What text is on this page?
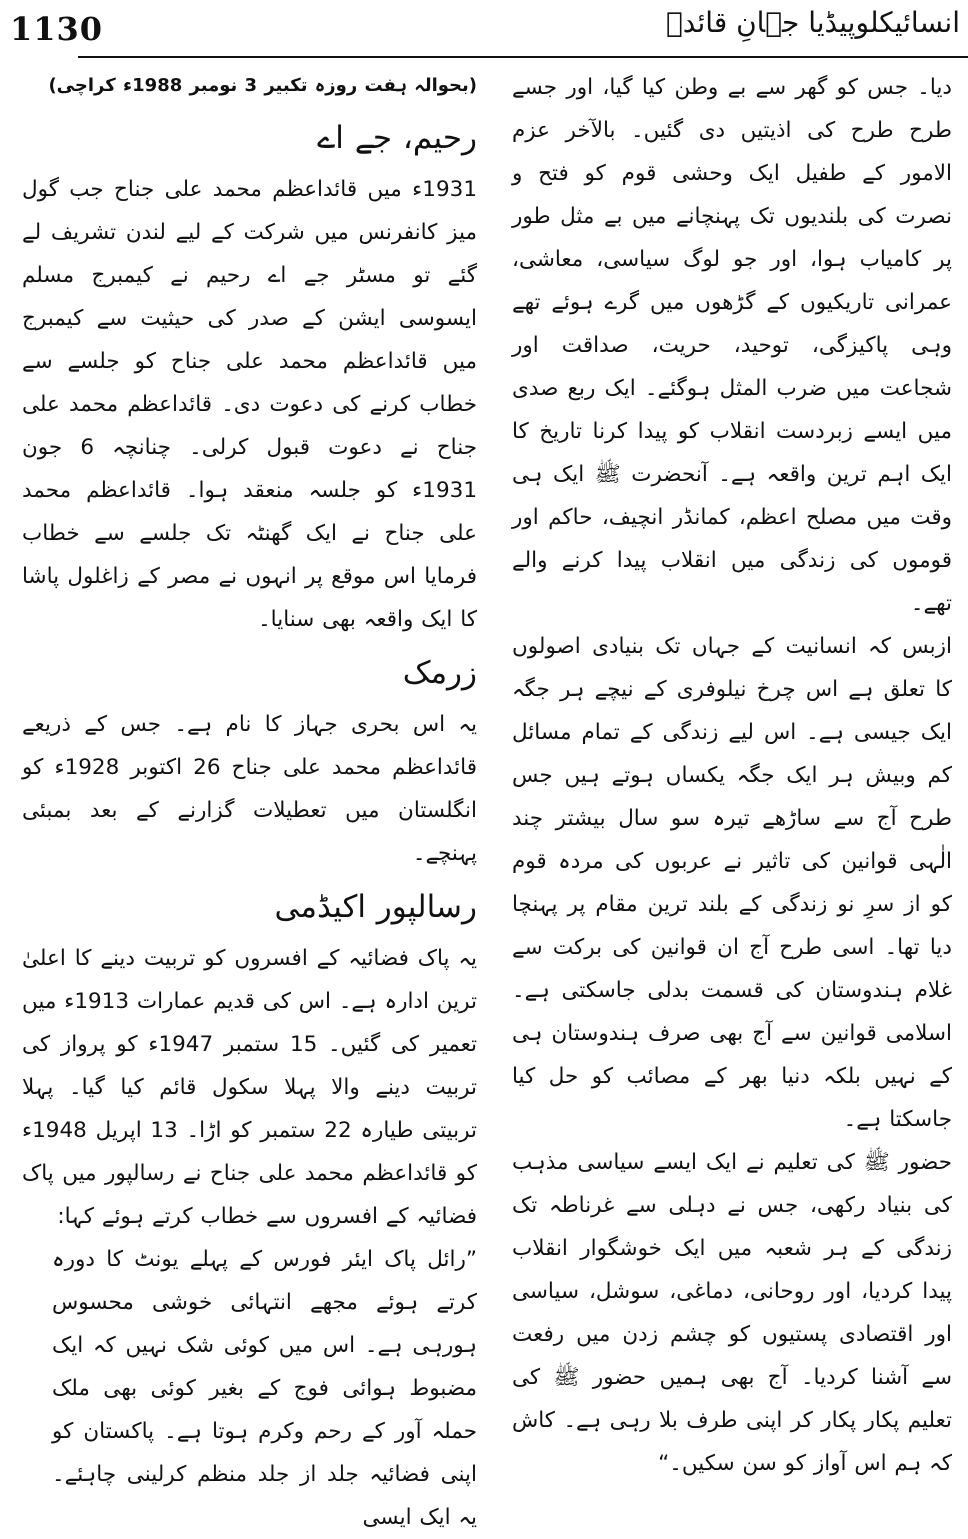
1130	انسائیکلوپیڈیا جہانِ قائدؒ

دیا۔ جس کو گھر سے بے وطن کیا گیا، اور جسے طرح طرح کی اذیتیں دی گئیں۔ بالآخر عزم الامور کے طفیل ایک وحشی قوم کو فتح و نصرت کی بلندیوں تک پہنچانے میں بے مثل طور پر کامیاب ہوا، اور جو لوگ سیاسی، معاشی، عمرانی تاریکیوں کے گڑھوں میں گرے ہوئے تھے وہی پاکیزگی، توحید، حریت، صداقت اور شجاعت میں ضرب المثل ہوگئے۔ ایک ربع صدی میں ایسے زبردست انقلاب کو پیدا کرنا تاریخ کا ایک اہم ترین واقعہ ہے۔ آنحضرت ﷺ ایک ہی وقت میں مصلح اعظم، کمانڈر انچیف، حاکم اور قوموں کی زندگی میں انقلاب پیدا کرنے والے تھے۔

ازبس کہ انسانیت کے جہاں تک بنیادی اصولوں کا تعلق ہے اس چرخ نیلوفری کے نیچے ہر جگہ ایک جیسی ہے۔ اس لیے زندگی کے تمام مسائل کم وبیش ہر ایک جگہ یکساں ہوتے ہیں جس طرح آج سے ساڑھے تیرہ سو سال بیشتر چند الٰہی قوانین کی تاثیر نے عربوں کی مردہ قوم کو از سرِ نو زندگی کے بلند ترین مقام پر پہنچا دیا تھا۔ اسی طرح آج ان قوانین کی برکت سے غلام ہندوستان کی قسمت بدلی جاسکتی ہے۔ اسلامی قوانین سے آج بھی صرف ہندوستان ہی کے نہیں بلکہ دنیا بھر کے مصائب کو حل کیا جاسکتا ہے۔

حضور ﷺ کی تعلیم نے ایک ایسے سیاسی مذہب کی بنیاد رکھی، جس نے دہلی سے غرناطہ تک زندگی کے ہر شعبہ میں ایک خوشگوار انقلاب پیدا کردیا، اور روحانی، دماغی، سوشل، سیاسی اور اقتصادی پستیوں کو چشم زدن میں رفعت سے آشنا کردیا۔ آج بھی ہمیں حضور ﷺ کی تعلیم پکار پکار کر اپنی طرف بلا رہی ہے۔ کاش کہ ہم اس آواز کو سن سکیں۔“

(بحوالہ ہفت روزہ تکبیر 3 نومبر 1988ء کراچی)

رحیم، جے اے

1931ء میں قائداعظم محمد علی جناح جب گول میز کانفرنس میں شرکت کے لیے لندن تشریف لے گئے تو مسٹر جے اے رحیم نے کیمبرج مسلم ایسوسی ایشن کے صدر کی حیثیت سے کیمبرج میں قائداعظم محمد علی جناح کو جلسے سے خطاب کرنے کی دعوت دی۔ قائداعظم محمد علی جناح نے دعوت قبول کرلی۔ چنانچہ 6 جون 1931ء کو جلسہ منعقد ہوا۔ قائداعظم محمد علی جناح نے ایک گھنٹہ تک جلسے سے خطاب فرمایا اس موقع پر انہوں نے مصر کے زاغلول پاشا کا ایک واقعہ بھی سنایا۔

زرمک

یہ اس بحری جہاز کا نام ہے۔ جس کے ذریعے قائداعظم محمد علی جناح 26 اکتوبر 1928ء کو انگلستان میں تعطیلات گزارنے کے بعد بمبئی پہنچے۔

رسالپور اکیڈمی

یہ پاک فضائیہ کے افسروں کو تربیت دینے کا اعلیٰ ترین ادارہ ہے۔ اس کی قدیم عمارات 1913ء میں تعمیر کی گئیں۔ 15 ستمبر 1947ء کو پرواز کی تربیت دینے والا پہلا سکول قائم کیا گیا۔ پہلا تربیتی طیارہ 22 ستمبر کو اڑا۔ 13 اپریل 1948ء کو قائداعظم محمد علی جناح نے رسالپور میں پاک فضائیہ کے افسروں سے خطاب کرتے ہوئے کہا:

”رائل پاک ایئر فورس کے پہلے یونٹ کا دورہ کرتے ہوئے مجھے انتہائی خوشی محسوس ہورہی ہے۔ اس میں کوئی شک نہیں کہ ایک مضبوط ہوائی فوج کے بغیر کوئی بھی ملک حملہ آور کے رحم وکرم ہوتا ہے۔ پاکستان کو اپنی فضائیہ جلد از جلد منظم کرلینی چاہئے۔ یہ ایک ایسی
